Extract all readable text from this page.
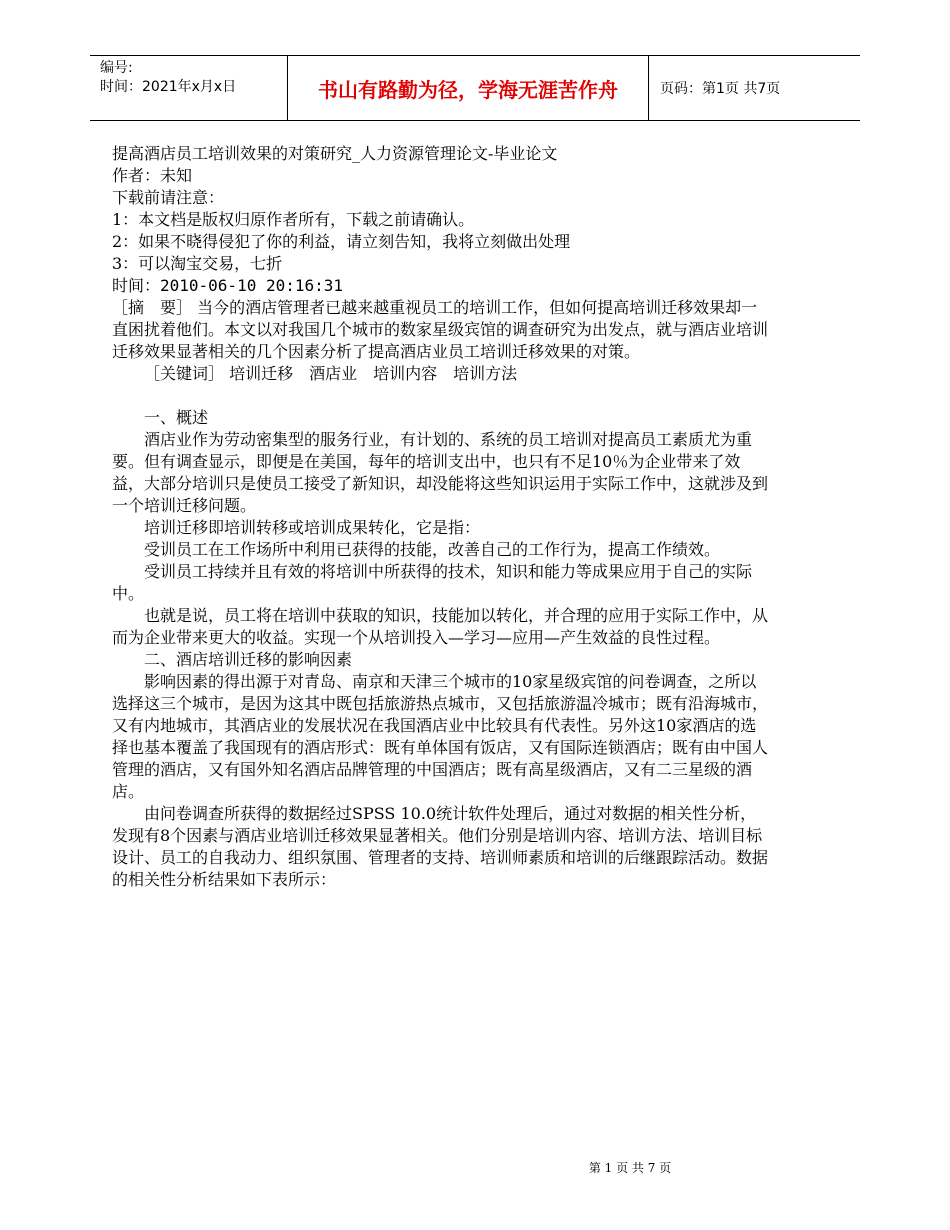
编号:
时间：2021年x月x日	书山有路勤为径，学海无涯苦作舟	页码：第1页 共7页

提高酒店员工培训效果的对策研究_人力资源管理论文-毕业论文

作者：未知

下载前请注意：

1：本文档是版权归原作者所有，下载之前请确认。

2：如果不晓得侵犯了你的利益，请立刻告知，我将立刻做出处理

3：可以淘宝交易，七折

时间：2010-06-10 20:16:31

［摘　要］ 当今的酒店管理者已越来越重视员工的培训工作，但如何提高培训迁移效果却一直困扰着他们。本文以对我国几个城市的数家星级宾馆的调查研究为出发点，就与酒店业培训迁移效果显著相关的几个因素分析了提高酒店业员工培训迁移效果的对策。

［关键词］ 培训迁移　酒店业　培训内容　培训方法

一、概述

酒店业作为劳动密集型的服务行业，有计划的、系统的员工培训对提高员工素质尤为重要。但有调查显示，即便是在美国，每年的培训支出中，也只有不足10％为企业带来了效益，大部分培训只是使员工接受了新知识，却没能将这些知识运用于实际工作中，这就涉及到一个培训迁移问题。

培训迁移即培训转移或培训成果转化，它是指：

受训员工在工作场所中利用已获得的技能，改善自己的工作行为，提高工作绩效。

受训员工持续并且有效的将培训中所获得的技术，知识和能力等成果应用于自己的实际中。

也就是说，员工将在培训中获取的知识，技能加以转化，并合理的应用于实际工作中，从而为企业带来更大的收益。实现一个从培训投入—学习—应用—产生效益的良性过程。

二、酒店培训迁移的影响因素

影响因素的得出源于对青岛、南京和天津三个城市的10家星级宾馆的问卷调查，之所以选择这三个城市，是因为这其中既包括旅游热点城市，又包括旅游温冷城市；既有沿海城市，又有内地城市，其酒店业的发展状况在我国酒店业中比较具有代表性。另外这10家酒店的选择也基本覆盖了我国现有的酒店形式：既有单体国有饭店，又有国际连锁酒店；既有由中国人管理的酒店，又有国外知名酒店品牌管理的中国酒店；既有高星级酒店，又有二三星级的酒店。

由问卷调查所获得的数据经过SPSS 10.0统计软件处理后，通过对数据的相关性分析，发现有8个因素与酒店业培训迁移效果显著相关。他们分别是培训内容、培训方法、培训目标设计、员工的自我动力、组织氛围、管理者的支持、培训师素质和培训的后继跟踪活动。数据的相关性分析结果如下表所示：

第 1 页 共 7 页
